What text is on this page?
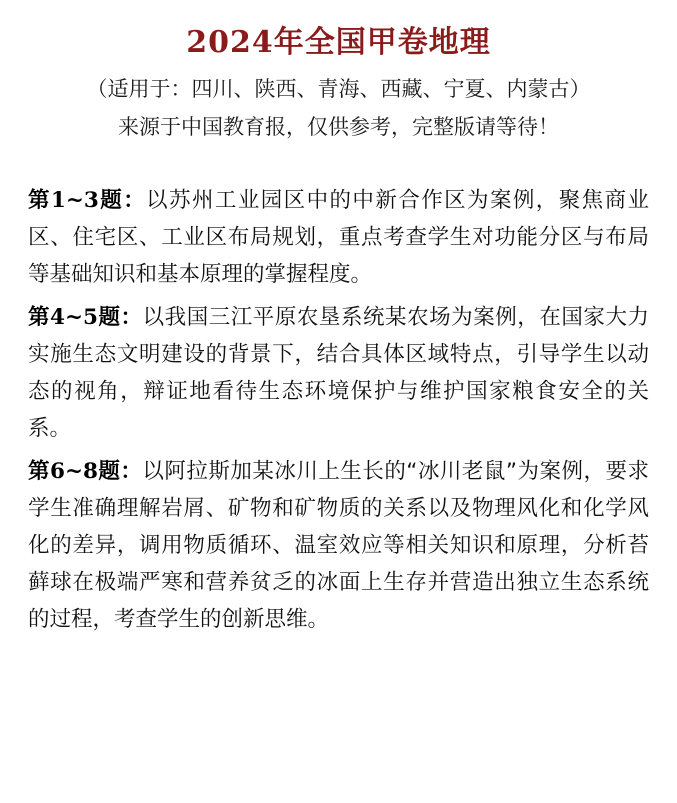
2024年全国甲卷地理

（适用于：四川、陕西、青海、西藏、宁夏、内蒙古）

来源于中国教育报，仅供参考，完整版请等待！

第1~3题：以苏州工业园区中的中新合作区为案例，聚焦商业区、住宅区、工业区布局规划，重点考查学生对功能分区与布局等基础知识和基本原理的掌握程度。

第4~5题：以我国三江平原农垦系统某农场为案例，在国家大力实施生态文明建设的背景下，结合具体区域特点，引导学生以动态的视角，辩证地看待生态环境保护与维护国家粮食安全的关系。

第6~8题：以阿拉斯加某冰川上生长的“冰川老鼠”为案例，要求学生准确理解岩屑、矿物和矿物质的关系以及物理风化和化学风化的差异，调用物质循环、温室效应等相关知识和原理，分析苔藓球在极端严寒和营养贫乏的冰面上生存并营造出独立生态系统的过程，考查学生的创新思维。
